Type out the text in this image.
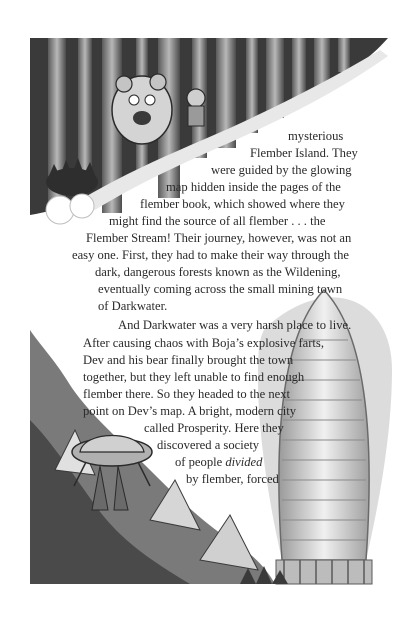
mysterious
Flember Island. They
were guided by the glowing
map hidden inside the pages of the
flember book, which showed where they
might find the source of all flember . . . the
Flember Stream! Their journey, however, was not an
easy one. First, they had to make their way through the
dark, dangerous forests known as the Wildening,
eventually coming across the small mining town
of Darkwater.
And Darkwater was a very harsh place to live.
After causing chaos with Boja’s explosive farts,
Dev and his bear finally brought the town
together, but they left unable to find enough
flember there. So they headed to the next
point on Dev’s map. A bright, modern city
called Prosperity. Here they
discovered a society
of people divided
by flember, forced
